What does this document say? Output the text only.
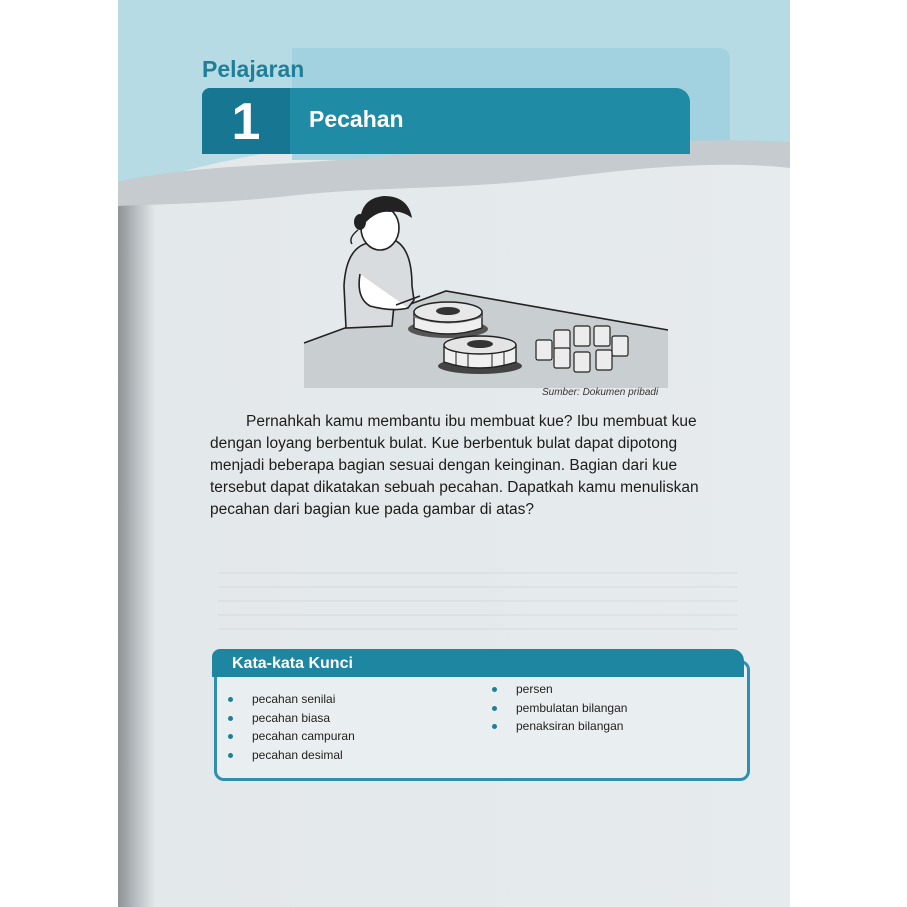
Pelajaran
1	Pecahan
Sumber: Dokumen pribadi

Pernahkah kamu membantu ibu membuat kue? Ibu membuat kue dengan loyang berbentuk bulat. Kue berbentuk bulat dapat dipotong menjadi beberapa bagian sesuai dengan keinginan. Bagian dari kue tersebut dapat dikatakan sebuah pecahan. Dapatkah kamu menuliskan pecahan dari bagian kue pada gambar di atas?

Kata-kata Kunci
pecahan senilai
pecahan biasa
pecahan campuran
pecahan desimal
persen
pembulatan bilangan
penaksiran bilangan
